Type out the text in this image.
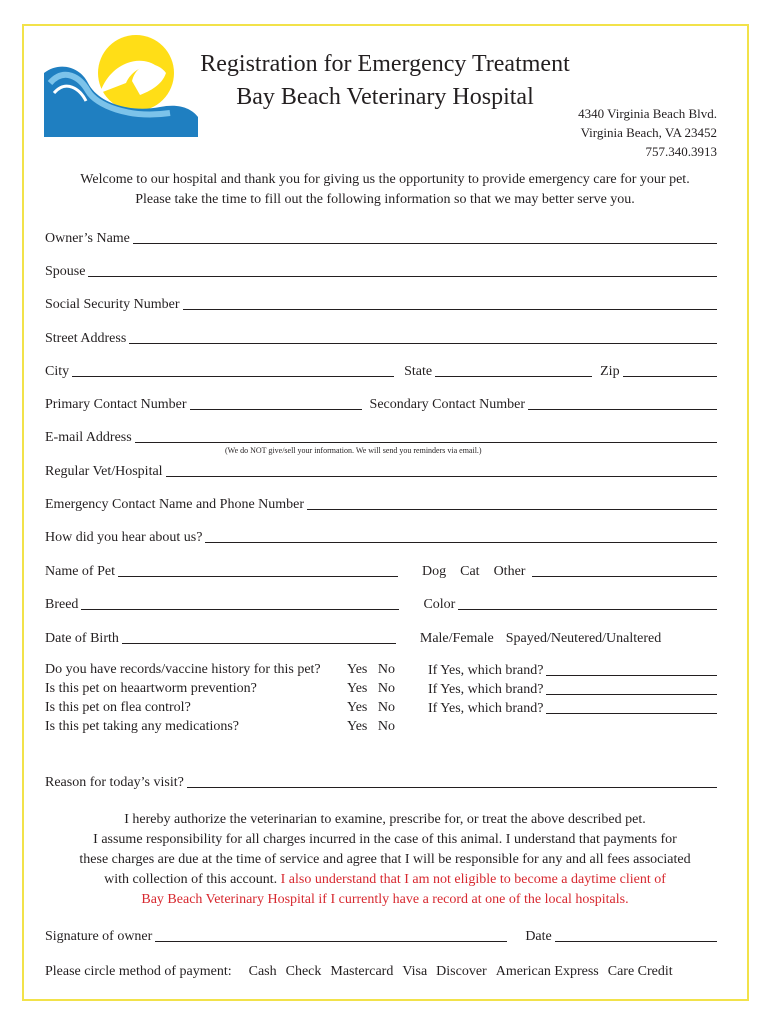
Registration for Emergency Treatment
Bay Beach Veterinary Hospital
4340 Virginia Beach Blvd.
Virginia Beach, VA 23452
757.340.3913
Welcome to our hospital and thank you for giving us the opportunity to provide emergency care for your pet.
Please take the time to fill out the following information so that we may better serve you.
Owner’s Name
Spouse
Social Security Number
Street Address
City	State	Zip
Primary Contact Number	Secondary Contact Number
E-mail Address
(We do NOT give/sell your information. We will send you reminders via email.)
Regular Vet/Hospital
Emergency Contact Name and Phone Number
How did you hear about us?
Name of Pet	Dog	Cat	Other
Breed	Color
Date of Birth	Male/Female Spayed/Neutered/Unaltered
Do you have records/vaccine history for this pet? Yes No If Yes, which brand?
Is this pet on heaartworm prevention?	Yes No If Yes, which brand?
Is this pet on flea control?	Yes No If Yes, which brand?
Is this pet taking any medications?	Yes No
Reason for today’s visit?
I hereby authorize the veterinarian to examine, prescribe for, or treat the above described pet.
I assume responsibility for all charges incurred in the case of this animal. I understand that payments for
these charges are due at the time of service and agree that I will be responsible for any and all fees associated
with collection of this account. I also understand that I am not eligible to become a daytime client of
Bay Beach Veterinary Hospital if I currently have a record at one of the local hospitals.
Signature of owner	Date
Please circle method of payment: Cash Check Mastercard Visa Discover American Express Care Credit
